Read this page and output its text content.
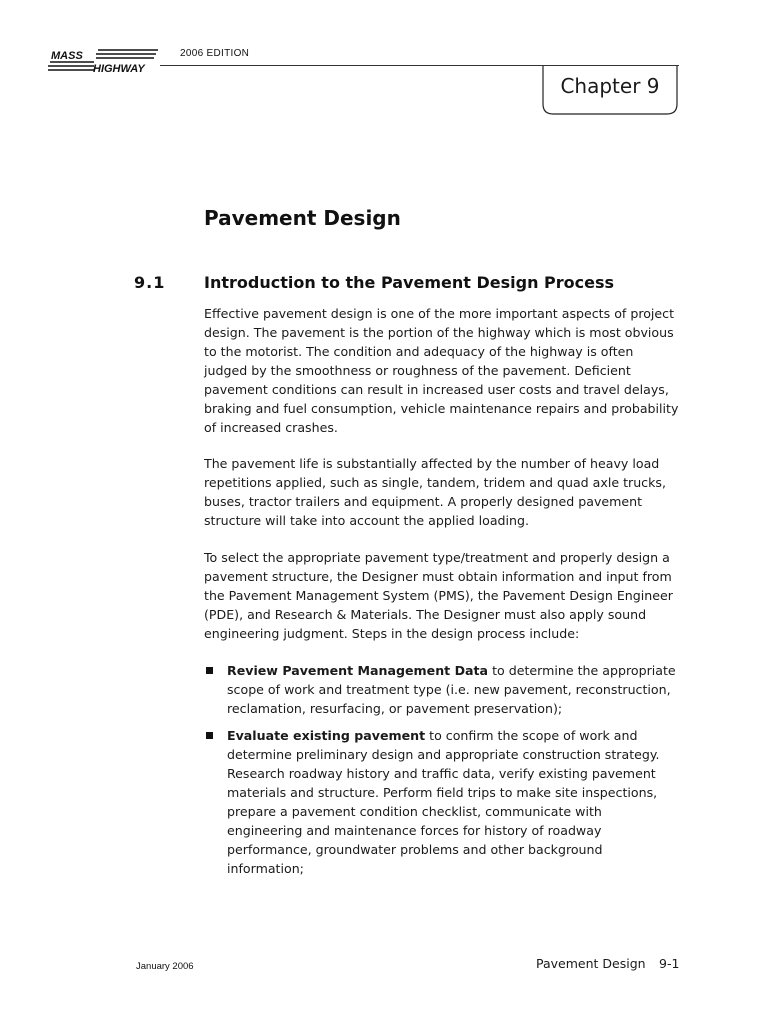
MASS
HIGHWAY
2006 EDITION
Chapter 9
Pavement Design
9.1 Introduction to the Pavement Design Process

Effective pavement design is one of the more important aspects of project design. The pavement is the portion of the highway which is most obvious to the motorist. The condition and adequacy of the highway is often judged by the smoothness or roughness of the pavement. Deficient pavement conditions can result in increased user costs and travel delays, braking and fuel consumption, vehicle maintenance repairs and probability of increased crashes.

The pavement life is substantially affected by the number of heavy load repetitions applied, such as single, tandem, tridem and quad axle trucks, buses, tractor trailers and equipment. A properly designed pavement structure will take into account the applied loading.

To select the appropriate pavement type/treatment and properly design a pavement structure, the Designer must obtain information and input from the Pavement Management System (PMS), the Pavement Design Engineer (PDE), and Research & Materials. The Designer must also apply sound engineering judgment. Steps in the design process include:

Review Pavement Management Data to determine the appropriate scope of work and treatment type (i.e. new pavement, reconstruction, reclamation, resurfacing, or pavement preservation);
Evaluate existing pavement to confirm the scope of work and determine preliminary design and appropriate construction strategy. Research roadway history and traffic data, verify existing pavement materials and structure. Perform field trips to make site inspections, prepare a pavement condition checklist, communicate with engineering and maintenance forces for history of roadway performance, groundwater problems and other background information;
January 2006	Pavement Design 9-1
